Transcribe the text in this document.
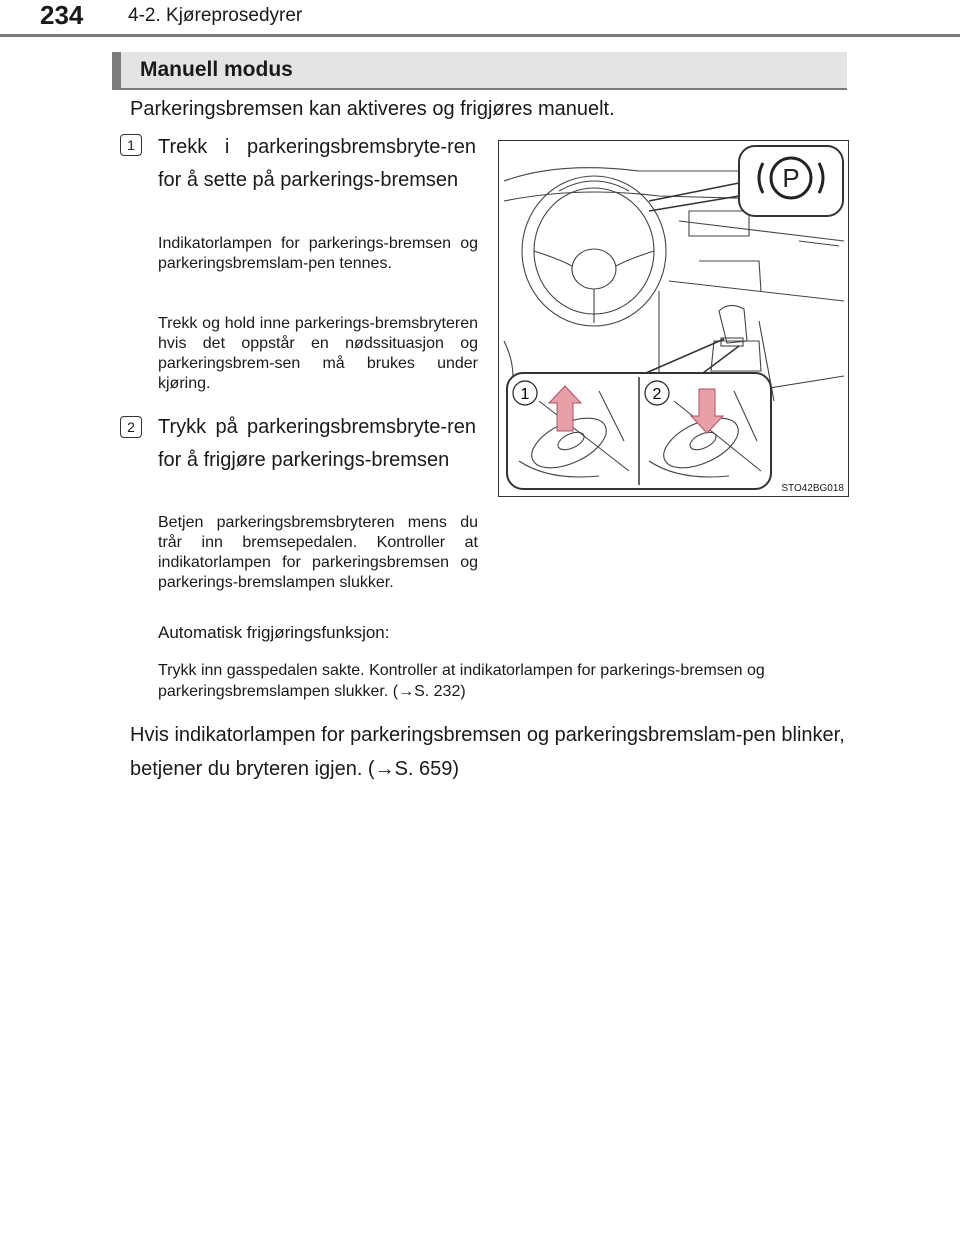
234 4-2. Kjøreprosedyrer
Manuell modus
Parkeringsbremsen kan aktiveres og frigjøres manuelt.
1	Trekk i parkeringsbremsbryte-ren for å sette på parkerings-bremsen
Indikatorlampen for parkerings-bremsen og parkeringsbremslam-pen tennes.
Trekk og hold inne parkerings-bremsbryteren hvis det oppstår en nødssituasjon og parkeringsbrem-sen må brukes under kjøring.
2	Trykk på parkeringsbremsbryte-ren for å frigjøre parkerings-bremsen
Betjen parkeringsbremsbryteren mens du trår inn bremsepedalen. Kontroller at indikatorlampen for parkeringsbremsen og parkerings-bremslampen slukker.
Automatisk frigjøringsfunksjon:
Trykk inn gasspedalen sakte. Kontroller at indikatorlampen for parkerings-bremsen og parkeringsbremslampen slukker. (→S. 232)
Hvis indikatorlampen for parkeringsbremsen og parkeringsbremslam-pen blinker, betjener du bryteren igjen. (→S. 659)
P
1	2
STO42BG018
